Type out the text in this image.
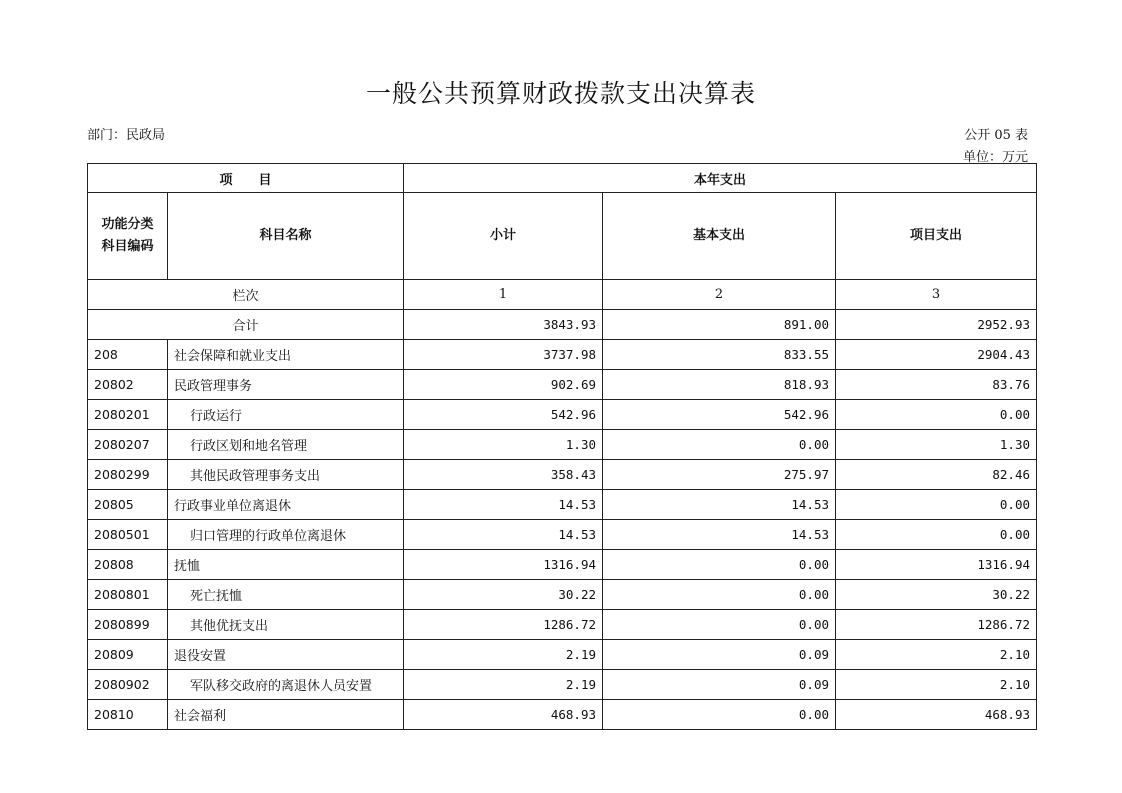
一般公共预算财政拨款支出决算表
部门：民政局	公开 05 表
单位：万元
项　　目		本年支出		
功能分类
科目编码	科目名称	小计	基本支出	项目支出
栏次		1	2	3
合计		3843.93	891.00	2952.93
208	社会保障和就业支出	3737.98	833.55	2904.43
20802	民政管理事务	902.69	818.93	83.76
2080201	行政运行	542.96	542.96	0.00
2080207	行政区划和地名管理	1.30	0.00	1.30
2080299	其他民政管理事务支出	358.43	275.97	82.46
20805	行政事业单位离退休	14.53	14.53	0.00
2080501	归口管理的行政单位离退休	14.53	14.53	0.00
20808	抚恤	1316.94	0.00	1316.94
2080801	死亡抚恤	30.22	0.00	30.22
2080899	其他优抚支出	1286.72	0.00	1286.72
20809	退役安置	2.19	0.09	2.10
2080902	军队移交政府的离退休人员安置	2.19	0.09	2.10
20810	社会福利	468.93	0.00	468.93
